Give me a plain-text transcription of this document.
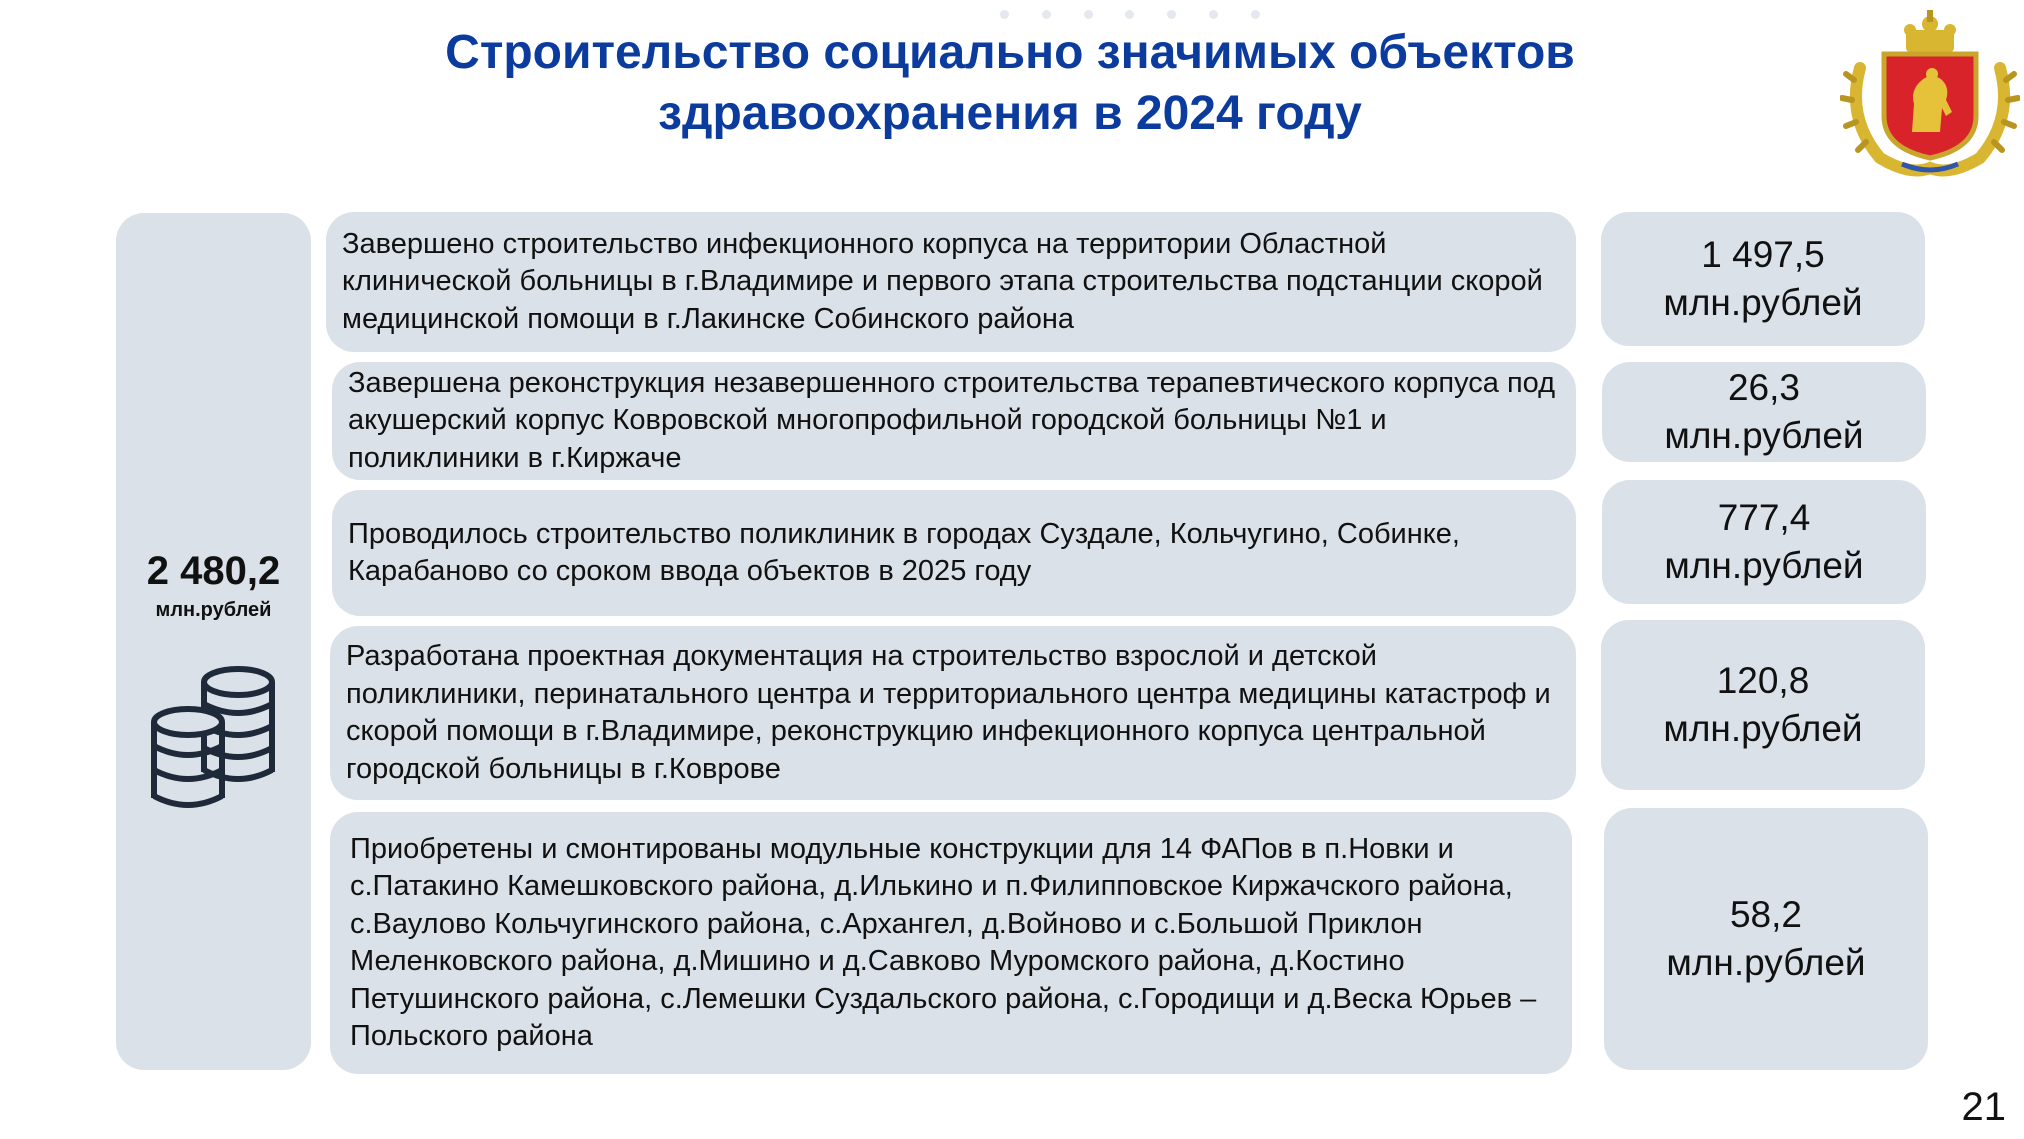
Строительство социально значимых объектов
здравоохранения в 2024 году
2 480,2
млн.рублей
Завершено строительство инфекционного корпуса на территории Областной клинической больницы в г.Владимире и первого этапа строительства подстанции скорой медицинской помощи в г.Лакинске Собинского района
1 497,5
млн.рублей
Завершена реконструкция незавершенного строительства терапевтического корпуса под акушерский корпус Ковровской многопрофильной городской больницы №1 и поликлиники в г.Киржаче
26,3
млн.рублей
Проводилось строительство поликлиник в городах Суздале, Кольчугино, Собинке, Карабаново со сроком ввода объектов в 2025 году
777,4
млн.рублей
Разработана проектная документация на строительство взрослой и детской поликлиники, перинатального центра и территориального центра медицины катастроф и скорой помощи в г.Владимире, реконструкцию инфекционного корпуса центральной городской больницы в г.Коврове
120,8
млн.рублей
Приобретены и смонтированы модульные конструкции для 14 ФАПов в п.Новки и с.Патакино Камешковского района, д.Илькино и п.Филипповское Киржачского района, с.Ваулово Кольчугинского района, с.Архангел, д.Войново и с.Большой Приклон Меленковского района, д.Мишино и д.Савково Муромского района, д.Костино Петушинского района, с.Лемешки Суздальского района, с.Городищи и д.Веска Юрьев – Польского района
58,2
млн.рублей
21
